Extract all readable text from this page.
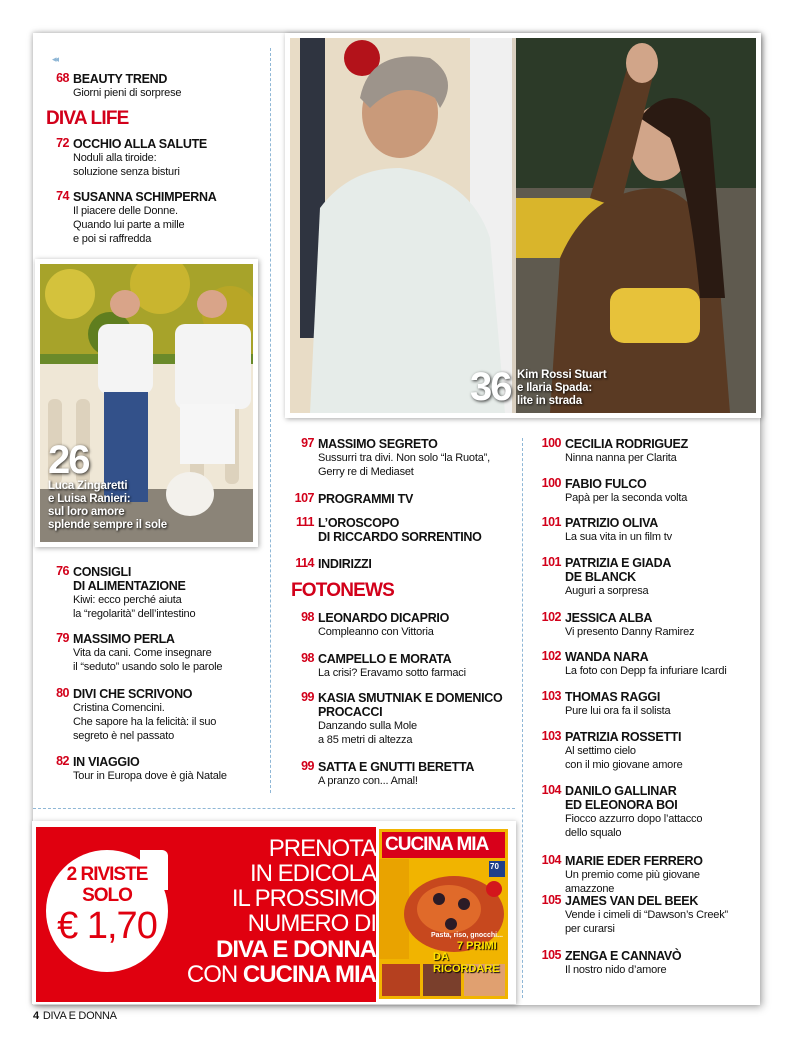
◂◂
68 BEAUTY TREND
Giorni pieni di sorprese
DIVA LIFE
72 OCCHIO ALLA SALUTE
Noduli alla tiroide:
soluzione senza bisturi
74 SUSANNA SCHIMPERNA
Il piacere delle Donne.
Quando lui parte a mille
e poi si raffredda
76 CONSIGLI
DI ALIMENTAZIONE
Kiwi: ecco perché aiuta
la “regolarità” dell’intestino
79 MASSIMO PERLA
Vita da cani. Come insegnare
il “seduto” usando solo le parole
80 DIVI CHE SCRIVONO
Cristina Comencini.
Che sapore ha la felicità: il suo
segreto è nel passato
82 IN VIAGGIO
Tour in Europa dove è già Natale
26
Luca Zingaretti
e Luisa Ranieri:
sul loro amore
splende sempre il sole
36 Kim Rossi Stuart
e Ilaria Spada:
lite in strada
97 MASSIMO SEGRETO
Sussurri tra divi. Non solo “la Ruota”,
Gerry re di Mediaset
107 PROGRAMMI TV
111 L’OROSCOPO
DI RICCARDO SORRENTINO
114 INDIRIZZI
FOTONEWS
98 LEONARDO DICAPRIO
Compleanno con Vittoria
98 CAMPELLO E MORATA
La crisi? Eravamo sotto farmaci
99 KASIA SMUTNIAK E DOMENICO
PROCACCI
Danzando sulla Mole
a 85 metri di altezza
99 SATTA E GNUTTI BERETTA
A pranzo con... Amal!
100 CECILIA RODRIGUEZ
Ninna nanna per Clarita
100 FABIO FULCO
Papà per la seconda volta
101 PATRIZIO OLIVA
La sua vita in un film tv
101 PATRIZIA E GIADA
DE BLANCK
Auguri a sorpresa
102 JESSICA ALBA
Vi presento Danny Ramirez
102 WANDA NARA
La foto con Depp fa infuriare Icardi
103 THOMAS RAGGI
Pure lui ora fa il solista
103 PATRIZIA ROSSETTI
Al settimo cielo
con il mio giovane amore
104 DANILO GALLINAR
ED ELEONORA BOI
Fiocco azzurro dopo l’attacco
dello squalo
104 MARIE EDER FERRERO
Un premio come più giovane
amazzone
105 JAMES VAN DEL BEEK
Vende i cimeli di “Dawson’s Creek”
per curarsi
105 ZENGA E CANNAVÒ
Il nostro nido d’amore
2 RIVISTE
SOLO
€ 1,70
PRENOTA
IN EDICOLA
IL PROSSIMO
NUMERO DI
DIVA E DONNA
CON CUCINA MIA
CUCINA MIA
70
Pasta, riso, gnocchi...
7 PRIMI
DA RICORDARE
4 DIVA E DONNA
